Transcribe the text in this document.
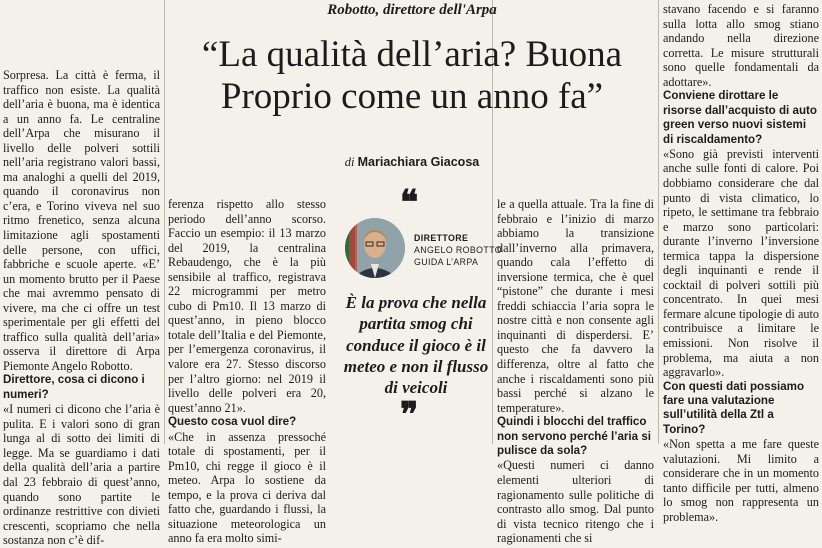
Robotto, direttore dell'Arpa
“La qualità dell’aria? Buona
Proprio come un anno fa”
di Mariachiara Giacosa

Sorpresa. La città è ferma, il traffico non esiste. La qualità dell’aria è buona, ma è identica a un anno fa. Le centraline dell’Arpa che misurano il livello delle polveri sottili nell’aria registrano valori bassi, ma analoghi a quelli del 2019, quando il coronavirus non c’era, e Torino viveva nel suo ritmo frenetico, senza alcuna limitazione agli spostamenti delle persone, con uffici, fabbriche e scuole aperte. «E’ un momento brutto per il Paese che mai avremmo pensato di vivere, ma che ci offre un test sperimentale per gli effetti del traffico sulla qualità dell’aria» osserva il direttore di Arpa Piemonte Angelo Robotto.

Direttore, cosa ci dicono i numeri?

«I numeri ci dicono che l’aria è pulita. E i valori sono di gran lunga al di sotto dei limiti di legge. Ma se guardiamo i dati della qualità dell’aria a partire dal 23 febbraio di quest’anno, quando sono partite le ordinanze restrittive con divieti crescenti, scopriamo che nella sostanza non c’è dif-

ferenza rispetto allo stesso periodo dell’anno scorso. Faccio un esempio: il 13 marzo del 2019, la centralina Rebaudengo, che è la più sensibile al traffico, registrava 22 microgrammi per metro cubo di Pm10. Il 13 marzo di quest’anno, in pieno blocco totale dell’Italia e del Piemonte, per l’emergenza coronavirus, il valore era 27. Stesso discorso per l’altro giorno: nel 2019 il livello delle polveri era 20, quest’anno 21».

Questo cosa vuol dire?

«Che in assenza pressoché totale di spostamenti, per il Pm10, chi regge il gioco è il meteo. Arpa lo sostiene da tempo, e la prova ci deriva dal fatto che, guardando i flussi, la situazione meteorologica un anno fa era molto simi-

le a quella attuale. Tra la fine di febbraio e l’inizio di marzo abbiamo la transizione dall’inverno alla primavera, quando cala l’effetto di inversione termica, che è quel “pistone” che durante i mesi freddi schiaccia l’aria sopra le nostre città e non consente agli inquinanti di disperdersi. E’ questo che fa davvero la differenza, oltre al fatto che anche i riscaldamenti sono più bassi perché si alzano le temperature».

Quindi i blocchi del traffico non servono perché l’aria si pulisce da sola?

«Questi numeri ci danno elementi ulteriori di ragionamento sulle politiche di contrasto allo smog. Dal punto di vista tecnico ritengo che i ragionamenti che si

stavano facendo e si faranno sulla lotta allo smog stiano andando nella direzione corretta. Le misure strutturali sono quelle fondamentali da adottare».

Conviene dirottare le risorse dall’acquisto di auto green verso nuovi sistemi di riscaldamento?

«Sono già previsti interventi anche sulle fonti di calore. Poi dobbiamo considerare che dal punto di vista climatico, lo ripeto, le settimane tra febbraio e marzo sono particolari: durante l’inverno l’inversione termica tappa la dispersione degli inquinanti e rende il cocktail di polveri sottili più concentrato. In quei mesi fermare alcune tipologie di auto contribuisce a limitare le emissioni. Non risolve il problema, ma aiuta a non aggravarlo».

Con questi dati possiamo fare una valutazione sull’utilità della Ztl a Torino?

«Non spetta a me fare queste valutazioni. Mi limito a considerare che in un momento tanto difficile per tutti, almeno lo smog non rappresenta un problema».

❝
DIRETTORE
ANGELO ROBOTTO
GUIDA L’ARPA
È la prova che nella partita smog chi conduce il gioco è il meteo e non il flusso di veicoli
❞
